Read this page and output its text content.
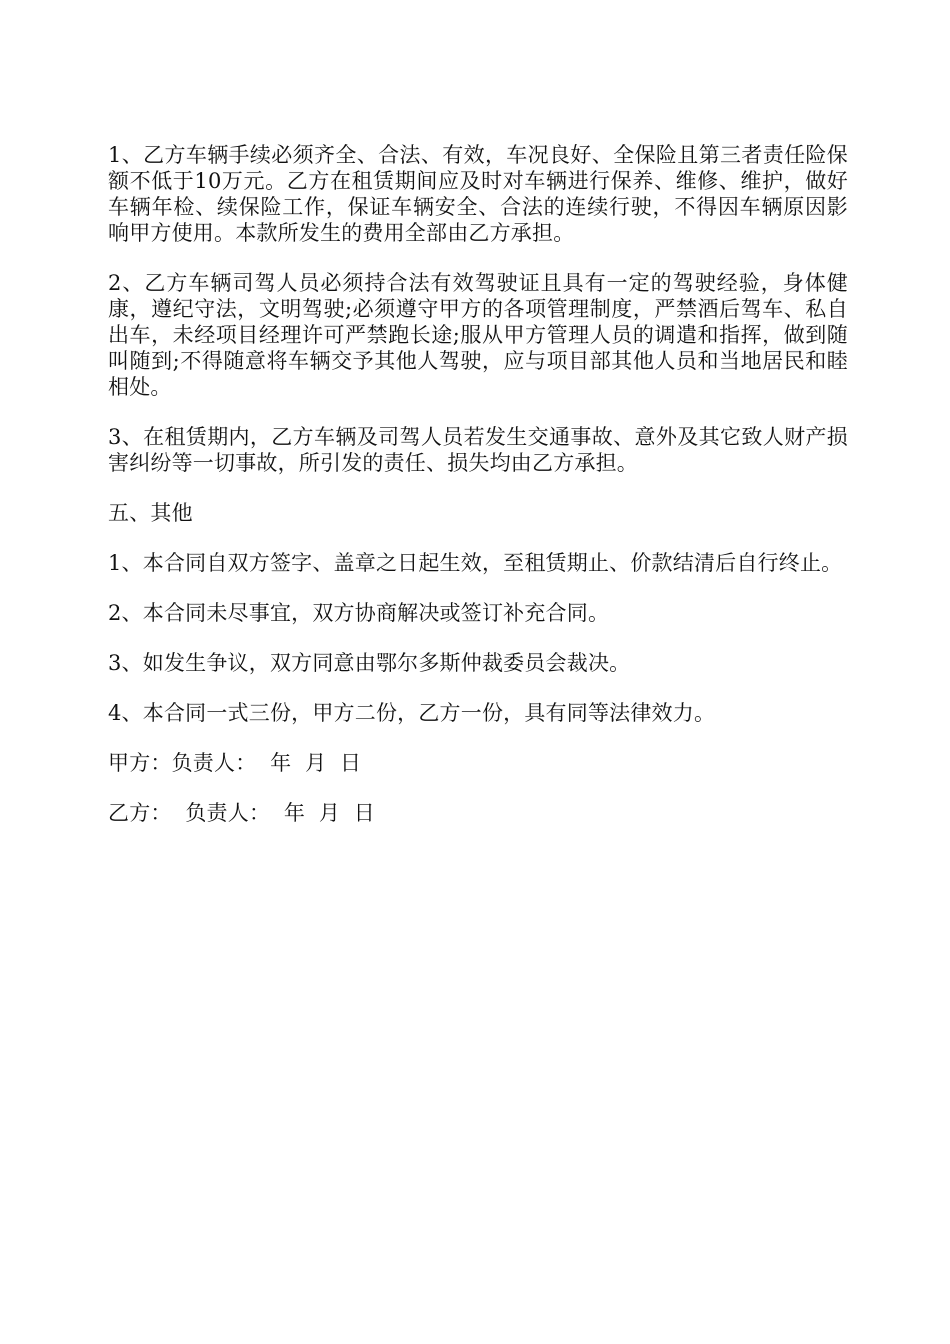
1、乙方车辆手续必须齐全、合法、有效，车况良好、全保险且第三者责任险保额不低于10万元。乙方在租赁期间应及时对车辆进行保养、维修、维护，做好车辆年检、续保险工作，保证车辆安全、合法的连续行驶，不得因车辆原因影响甲方使用。本款所发生的费用全部由乙方承担。

2、乙方车辆司驾人员必须持合法有效驾驶证且具有一定的驾驶经验，身体健康，遵纪守法，文明驾驶;必须遵守甲方的各项管理制度，严禁酒后驾车、私自出车，未经项目经理许可严禁跑长途;服从甲方管理人员的调遣和指挥，做到随叫随到;不得随意将车辆交予其他人驾驶，应与项目部其他人员和当地居民和睦相处。

3、在租赁期内，乙方车辆及司驾人员若发生交通事故、意外及其它致人财产损害纠纷等一切事故，所引发的责任、损失均由乙方承担。

五、其他

1、本合同自双方签字、盖章之日起生效，至租赁期止、价款结清后自行终止。

2、本合同未尽事宜，双方协商解决或签订补充合同。

3、如发生争议，双方同意由鄂尔多斯仲裁委员会裁决。

4、本合同一式三份，甲方二份，乙方一份，具有同等法律效力。

甲方：负责人：  年  月  日

乙方：  负责人：  年  月  日
